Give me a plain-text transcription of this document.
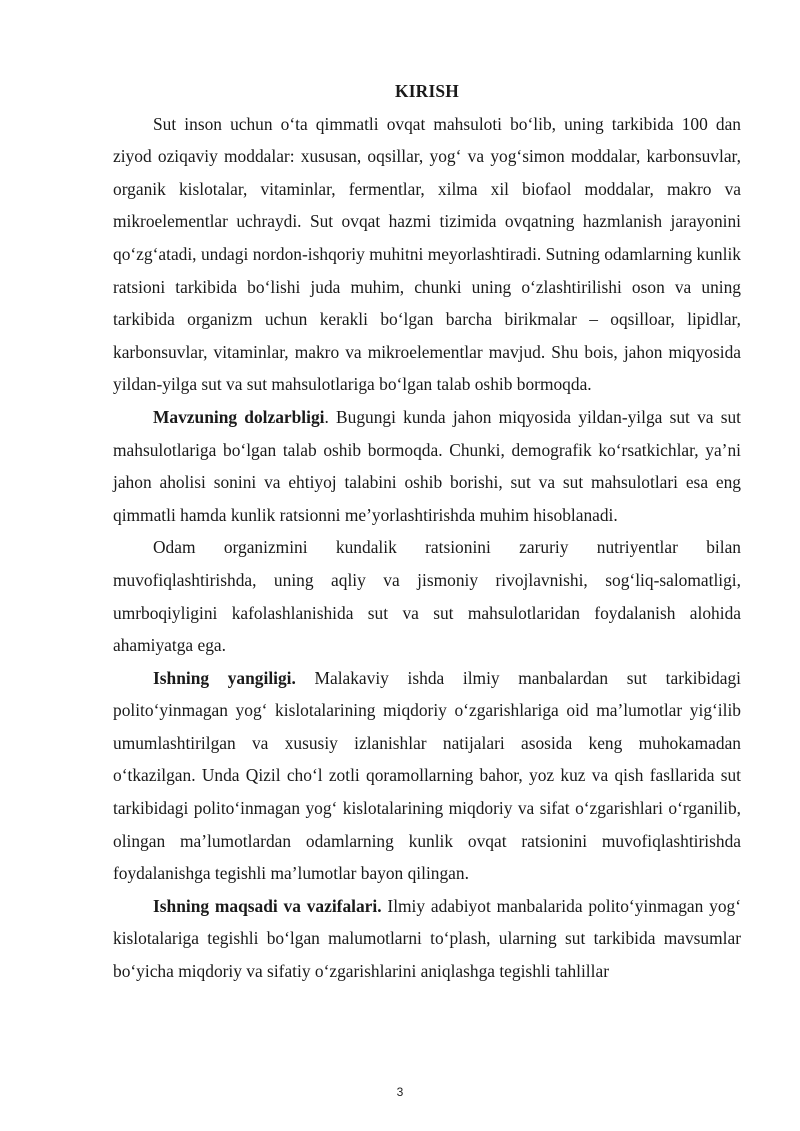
KIRISH

Sut inson uchun o‘ta qimmatli ovqat mahsuloti bo‘lib, uning tarkibida 100 dan ziyod oziqaviy moddalar: xususan, oqsillar, yog‘ va yog‘simon moddalar, karbonsuvlar, organik kislotalar, vitaminlar, fermentlar, xilma xil biofaol moddalar, makro va mikroelementlar uchraydi. Sut ovqat hazmi tizimida ovqatning hazmlanish jarayonini qo‘zg‘atadi, undagi nordon-ishqoriy muhitni meyorlashtiradi. Sutning odamlarning kunlik ratsioni tarkibida bo‘lishi juda muhim, chunki uning o‘zlashtirilishi oson va uning tarkibida organizm uchun kerakli bo‘lgan barcha birikmalar – oqsilloar, lipidlar, karbonsuvlar, vitaminlar, makro va mikroelementlar mavjud. Shu bois, jahon miqyosida yildan-yilga sut va sut mahsulotlariga bo‘lgan talab oshib bormoqda.

Mavzuning dolzarbligi. Bugungi kunda jahon miqyosida yildan-yilga sut va sut mahsulotlariga bo‘lgan talab oshib bormoqda. Chunki, demografik ko‘rsatkichlar, ya’ni jahon aholisi sonini va ehtiyoj talabini oshib borishi, sut va sut mahsulotlari esa eng qimmatli hamda kunlik ratsionni me’yorlashtirishda muhim hisoblanadi.

Odam organizmini kundalik ratsionini zaruriy nutriyentlar bilan muvofiqlashtirishda, uning aqliy va jismoniy rivojlavnishi, sog‘liq-salomatligi, umrboqiyligini kafolashlanishida sut va sut mahsulotlaridan foydalanish alohida ahamiyatga ega.

Ishning yangiligi. Malakaviy ishda ilmiy manbalardan sut tarkibidagi polito‘yinmagan yog‘ kislotalarining miqdoriy o‘zgarishlariga oid ma’lumotlar yig‘ilib umumlashtirilgan va xususiy izlanishlar natijalari asosida keng muhokamadan o‘tkazilgan. Unda Qizil cho‘l zotli qoramollarning bahor, yoz kuz va qish fasllarida sut tarkibidagi polito‘inmagan yog‘ kislotalarining miqdoriy va sifat o‘zgarishlari o‘rganilib, olingan ma’lumotlardan odamlarning kunlik ovqat ratsionini muvofiqlashtirishda foydalanishga tegishli ma’lumotlar bayon qilingan.

Ishning maqsadi va vazifalari. Ilmiy adabiyot manbalarida polito‘yinmagan yog‘ kislotalariga tegishli bo‘lgan malumotlarni to‘plash, ularning sut tarkibida mavsumlar bo‘yicha miqdoriy va sifatiy o‘zgarishlarini aniqlashga tegishli tahlillar

3
